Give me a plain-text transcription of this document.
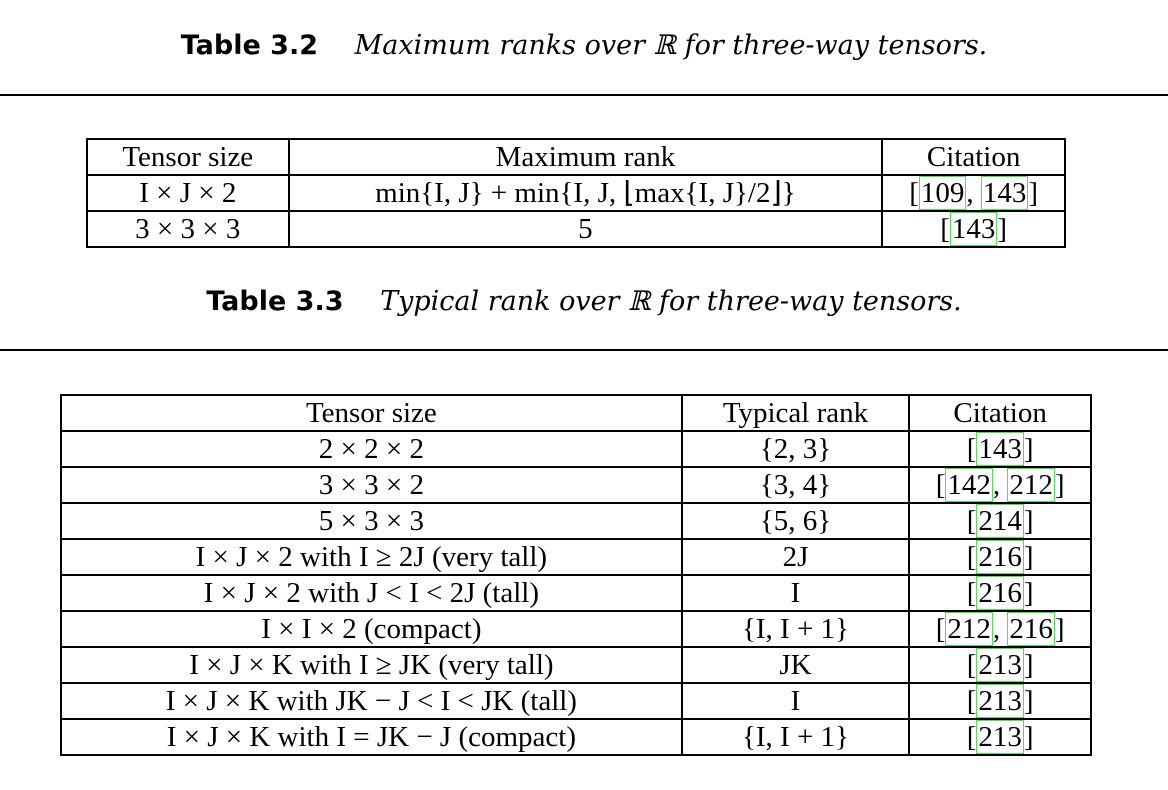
Table 3.2 Maximum ranks over ℝ for three-way tensors.
Tensor size	Maximum rank	Citation
I × J × 2	min{I, J} + min{I, J, ⌊max{I, J}/2⌋}	[109, 143]
3 × 3 × 3	5	[143]
Table 3.3 Typical rank over ℝ for three-way tensors.
Tensor size	Typical rank	Citation
2 × 2 × 2	{2, 3}	[143]
3 × 3 × 2	{3, 4}	[142, 212]
5 × 3 × 3	{5, 6}	[214]
I × J × 2 with I ≥ 2J (very tall)	2J	[216]
I × J × 2 with J < I < 2J (tall)	I	[216]
I × I × 2 (compact)	{I, I + 1}	[212, 216]
I × J × K with I ≥ JK (very tall)	JK	[213]
I × J × K with JK − J < I < JK (tall)	I	[213]
I × J × K with I = JK − J (compact)	{I, I + 1}	[213]
